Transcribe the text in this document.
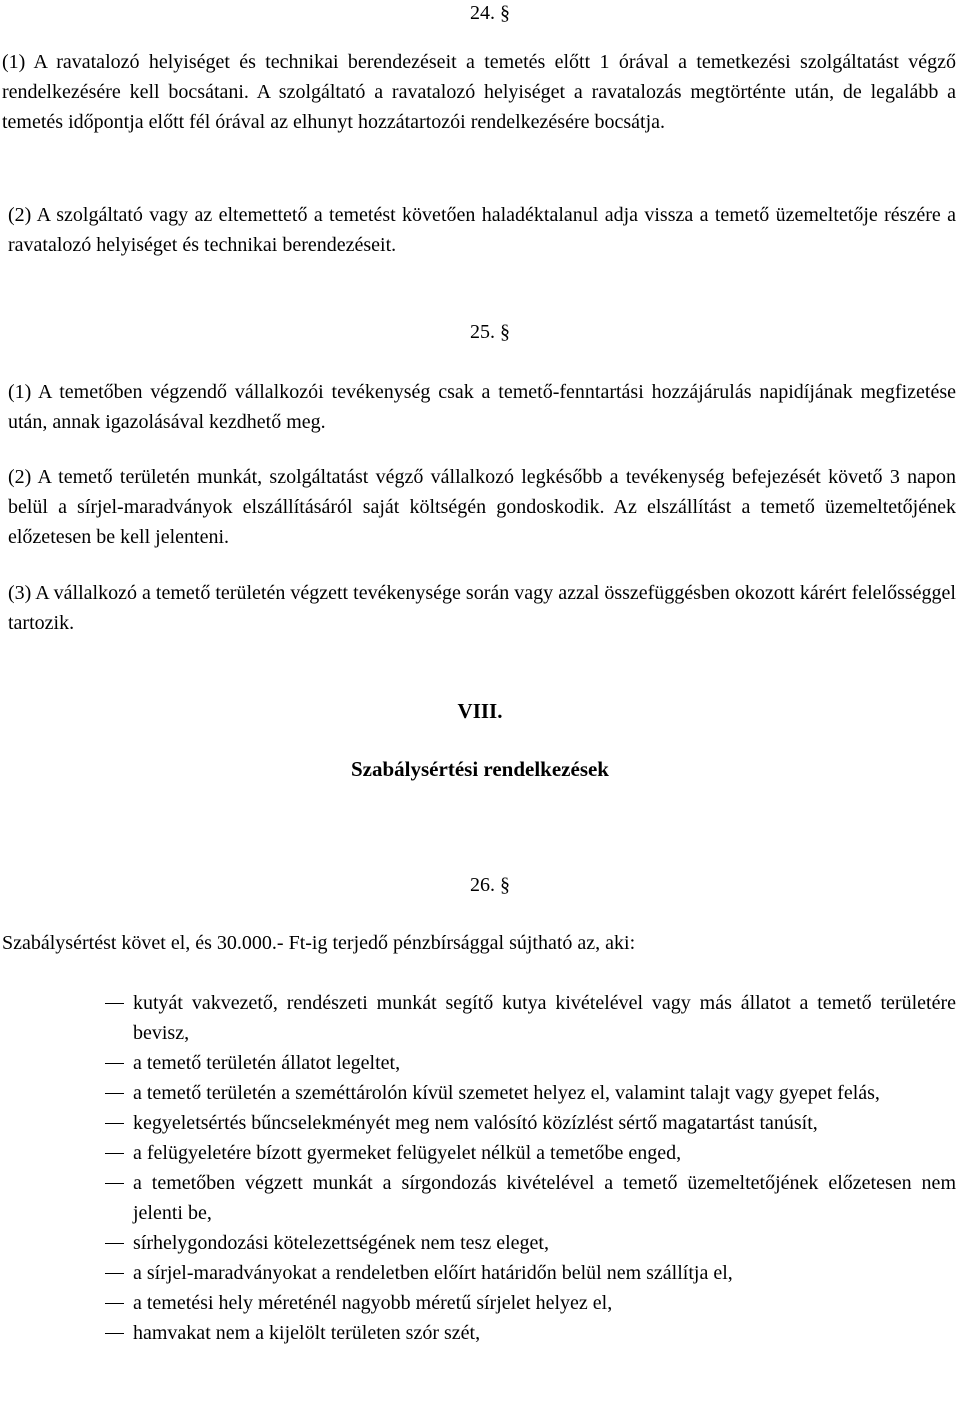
24. §

(1) A ravatalozó helyiséget és technikai berendezéseit a temetés előtt 1 órával a temetkezési szolgáltatást végző rendelkezésére kell bocsátani. A szolgáltató a ravatalozó helyiséget a ravatalozás megtörténte után, de legalább a temetés időpontja előtt fél órával az elhunyt hozzátartozói rendelkezésére bocsátja.

(2) A szolgáltató vagy az eltemettető a temetést követően haladéktalanul adja vissza a temető üzemeltetője részére a ravatalozó helyiséget és technikai berendezéseit.

25. §

(1) A temetőben végzendő vállalkozói tevékenység csak a temető-fenntartási hozzájárulás napidíjának megfizetése után, annak igazolásával kezdhető meg.

(2) A temető területén munkát, szolgáltatást végző vállalkozó legkésőbb a tevékenység befejezését követő 3 napon belül a sírjel-maradványok elszállításáról saját költségén gondoskodik. Az elszállítást a temető üzemeltetőjének előzetesen be kell jelenteni.

(3) A vállalkozó a temető területén végzett tevékenysége során vagy azzal összefüggésben okozott kárért felelősséggel tartozik.

VIII.
Szabálysértési rendelkezések
26. §

Szabálysértést követ el, és 30.000.- Ft-ig terjedő pénzbírsággal sújtható az, aki:

kutyát vakvezető, rendészeti munkát segítő kutya kivételével vagy más állatot a temető területére bevisz,
a temető területén állatot legeltet,
a temető területén a szeméttárolón kívül szemetet helyez el, valamint talajt vagy gyepet felás,
kegyeletsértés bűncselekményét meg nem valósító közízlést sértő magatartást tanúsít,
a felügyeletére bízott gyermeket felügyelet nélkül a temetőbe enged,
a temetőben végzett munkát a sírgondozás kivételével a temető üzemeltetőjének előzetesen nem jelenti be,
sírhelygondozási kötelezettségének nem tesz eleget,
a sírjel-maradványokat a rendeletben előírt határidőn belül nem szállítja el,
a temetési hely méreténél nagyobb méretű sírjelet helyez el,
hamvakat nem a kijelölt területen szór szét,
